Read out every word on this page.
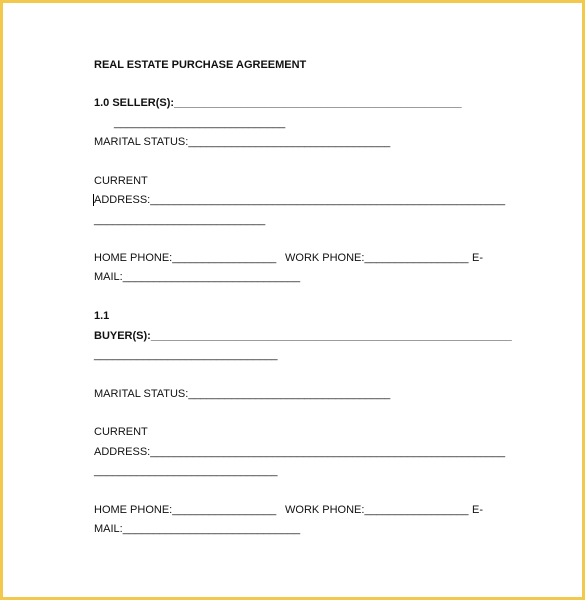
REAL ESTATE PURCHASE AGREEMENT
1.0 SELLER(S):_______________________________________________
____________________________
MARITAL STATUS:_________________________________
CURRENT
ADDRESS:__________________________________________________________
____________________________
HOME PHONE:_________________ WORK PHONE:_________________ E-
MAIL:_____________________________
1.1
BUYER(S):___________________________________________________________
______________________________
MARITAL STATUS:_________________________________
CURRENT
ADDRESS:__________________________________________________________
______________________________
HOME PHONE:_________________ WORK PHONE:_________________ E-
MAIL:_____________________________
